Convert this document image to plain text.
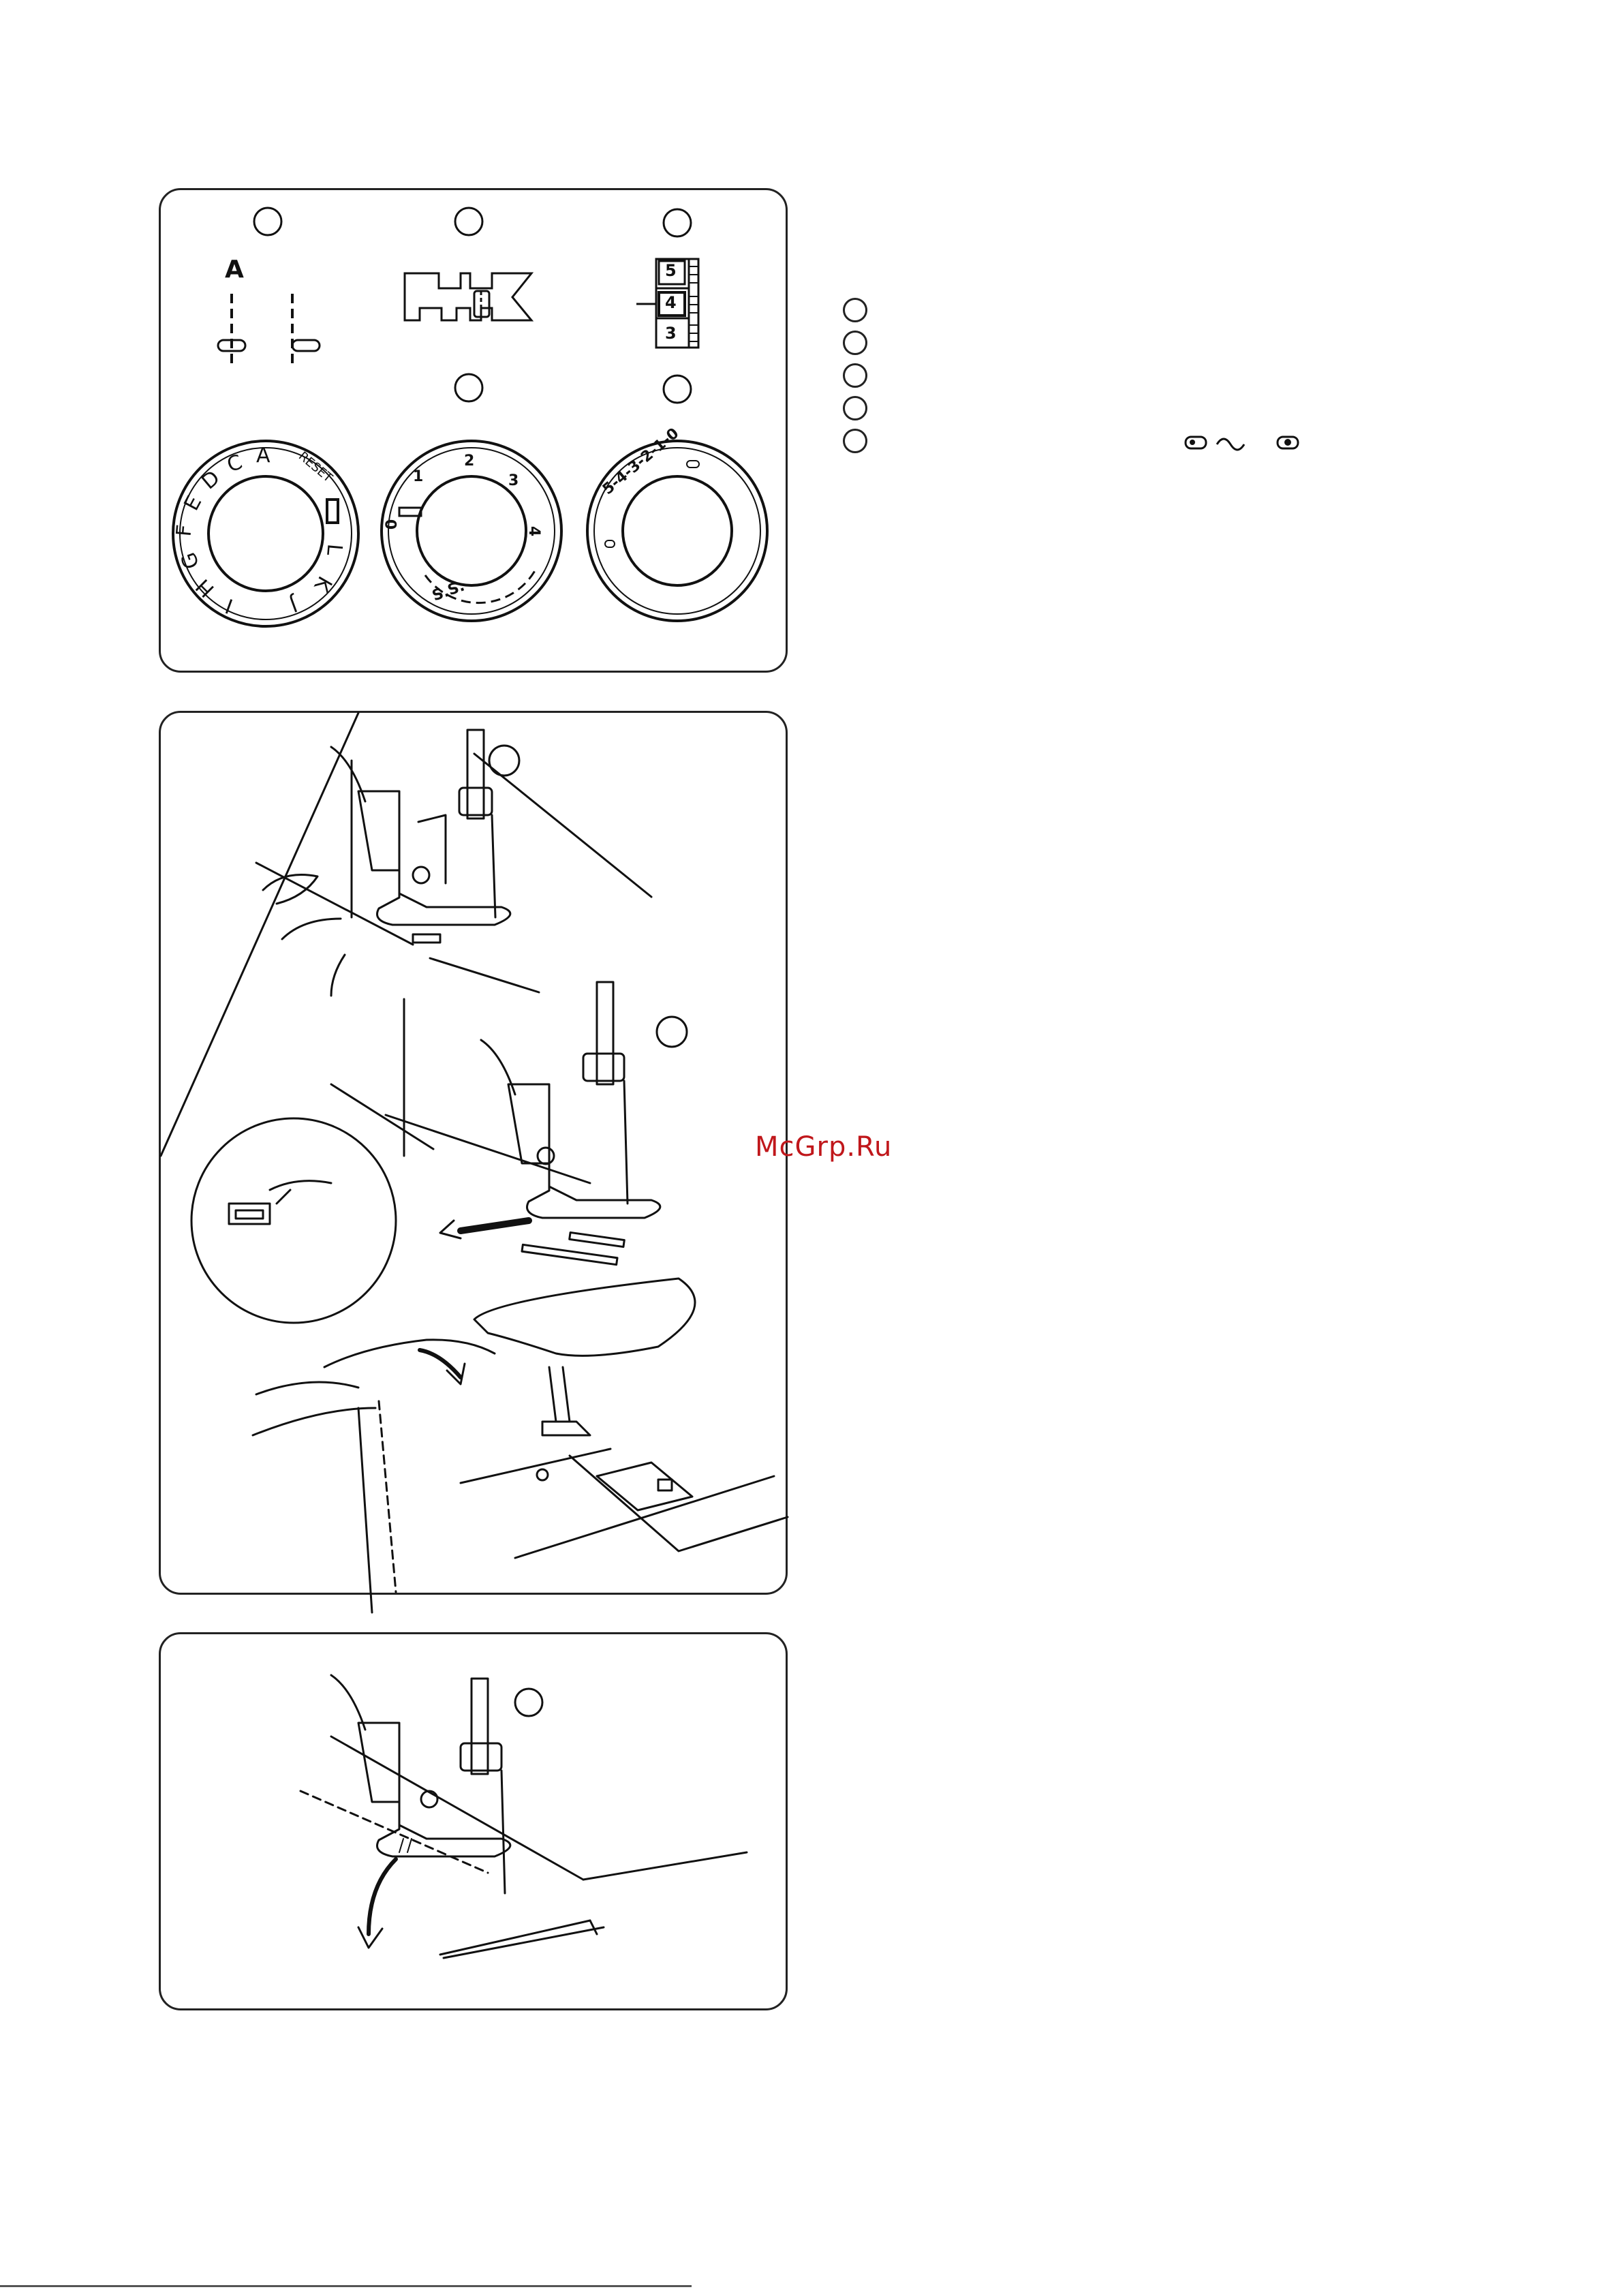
A	5
4
3
A
C
D
E
F
G
H
I J
K
L
RESET
0
1
2
3
4
S.S.
5-4-3-2-1-0
McGrp.Ru
